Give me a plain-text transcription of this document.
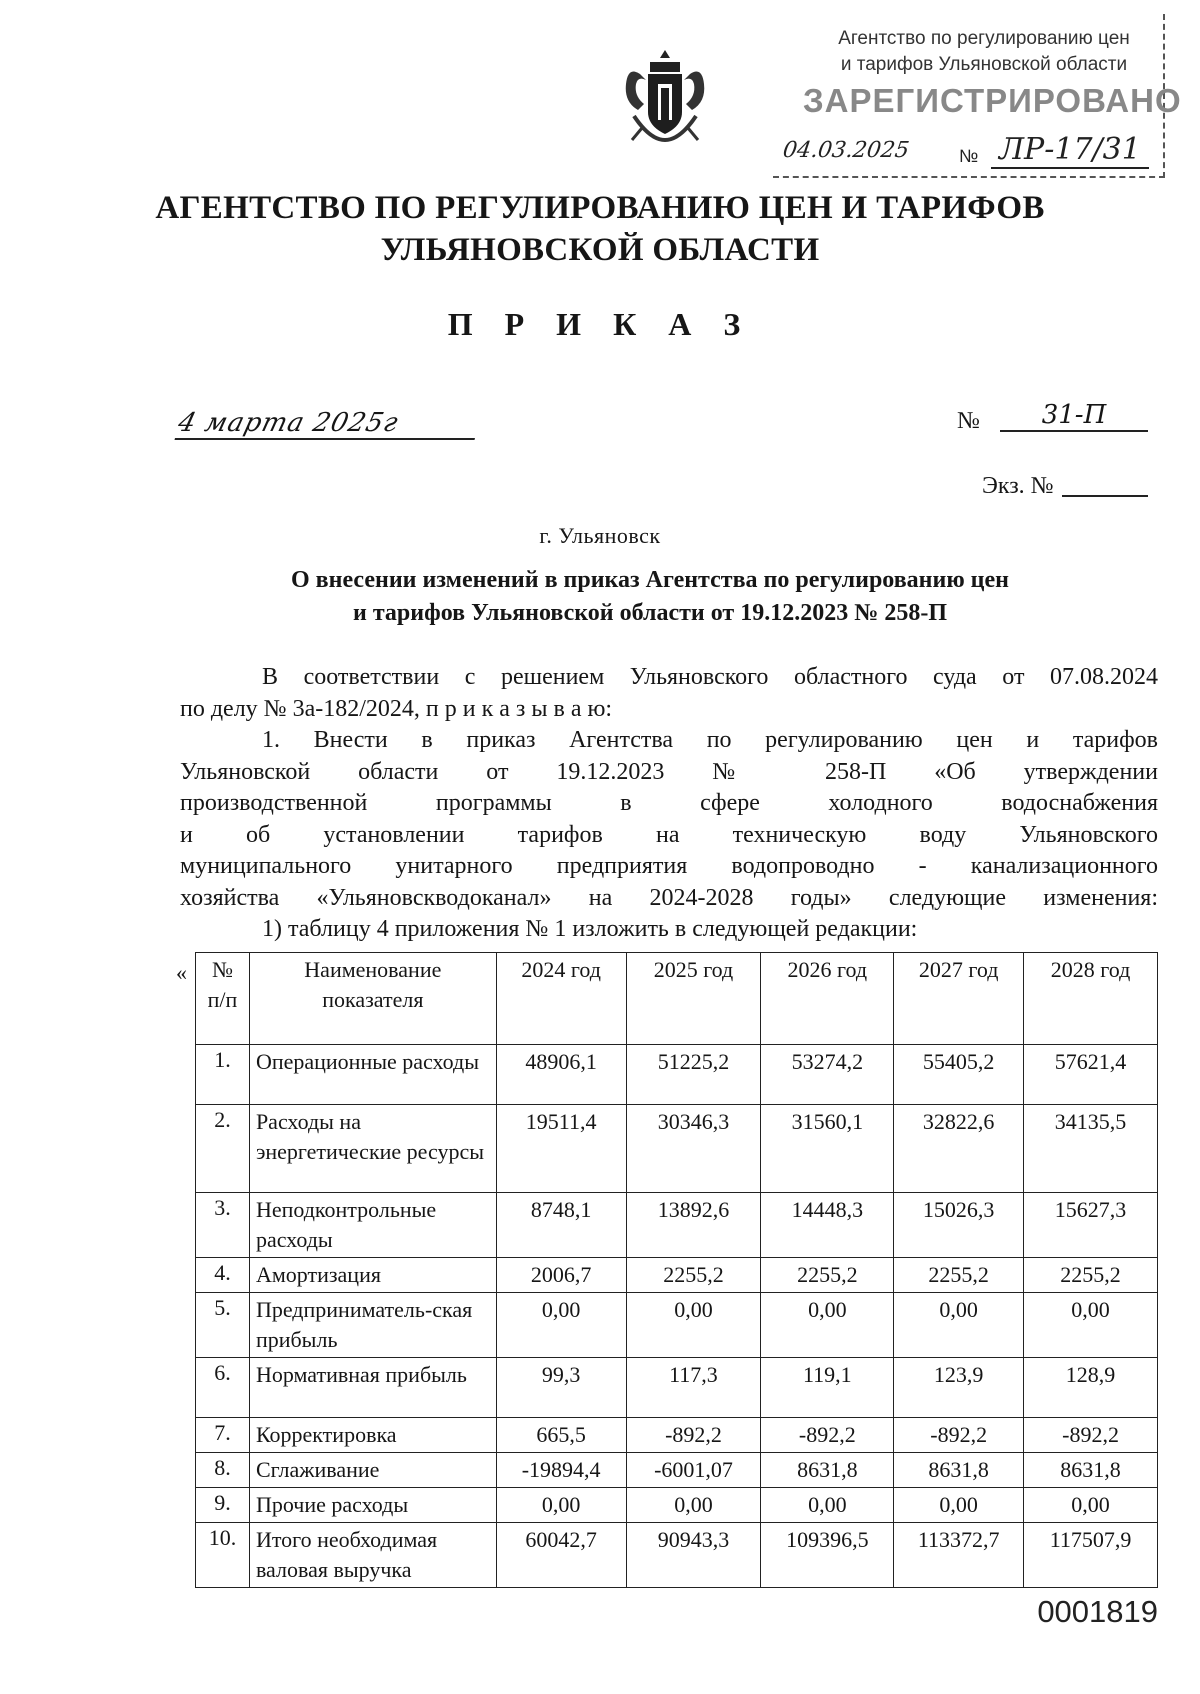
Агентство по регулированию цен
и тарифов Ульяновской области
ЗАРЕГИСТРИРОВАНО
04.03.2025	№ ЛР-17/31
АГЕНТСТВО ПО РЕГУЛИРОВАНИЮ ЦЕН И ТАРИФОВ
УЛЬЯНОВСКОЙ ОБЛАСТИ
П Р И К А З
4 марта 2025г	№	31-П
Экз. №
г. Ульяновск
О внесении изменений в приказ Агентства по регулированию цен
и тарифов Ульяновской области от 19.12.2023 № 258-П
В соответствии с решением Ульяновского областного суда от 07.08.2024
по делу № 3а-182/2024, п р и к а з ы в а ю:
1. Внести в приказ Агентства по регулированию цен и тарифов
Ульяновской области от 19.12.2023 № 258-П «Об утверждении
производственной программы в сфере холодного водоснабжения
и об установлении тарифов на техническую воду Ульяновского
муниципального унитарного предприятия водопроводно - канализационного
хозяйства «Ульяновскводоканал» на 2024-2028 годы» следующие изменения:
1) таблицу 4 приложения № 1 изложить в следующей редакции:
« № п/п	Наименование показателя	2024 год	2025 год	2026 год	2027 год	2028 год
1.	Операционные расходы	48906,1	51225,2	53274,2	55405,2	57621,4
2.	Расходы на энергетические ресурсы	19511,4	30346,3	31560,1	32822,6	34135,5
3.	Неподконтрольные расходы	8748,1	13892,6	14448,3	15026,3	15627,3
4.	Амортизация	2006,7	2255,2	2255,2	2255,2	2255,2
5.	Предприниматель-ская прибыль	0,00	0,00	0,00	0,00	0,00
6.	Нормативная прибыль	99,3	117,3	119,1	123,9	128,9
7.	Корректировка	665,5	-892,2	-892,2	-892,2	-892,2
8.	Сглаживание	-19894,4	-6001,07	8631,8	8631,8	8631,8
9.	Прочие расходы	0,00	0,00	0,00	0,00	0,00
10.	Итого необходимая валовая выручка	60042,7	90943,3	109396,5	113372,7	117507,9
0001819
